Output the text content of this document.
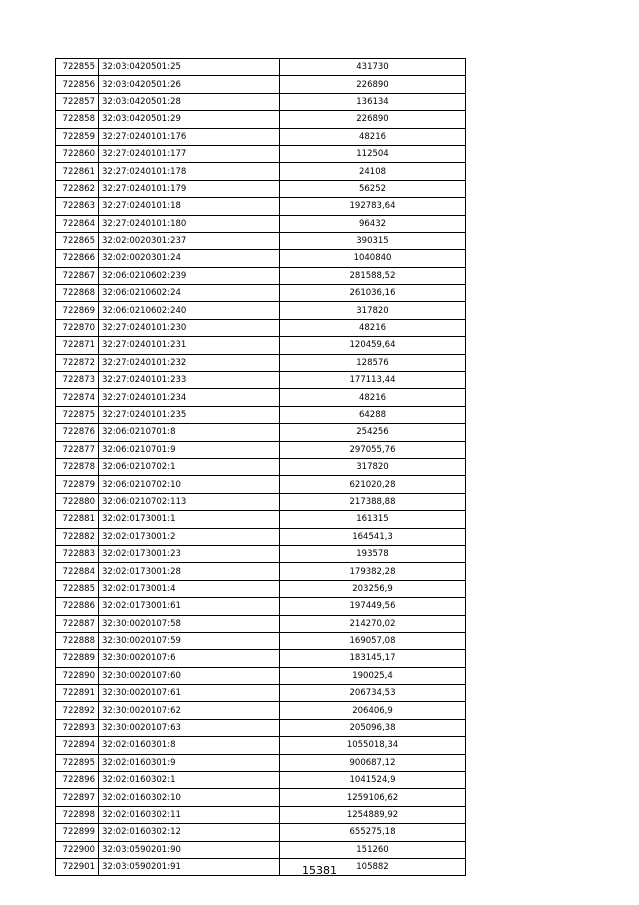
722855	32:03:0420501:25	431730
722856	32:03:0420501:26	226890
722857	32:03:0420501:28	136134
722858	32:03:0420501:29	226890
722859	32:27:0240101:176	48216
722860	32:27:0240101:177	112504
722861	32:27:0240101:178	24108
722862	32:27:0240101:179	56252
722863	32:27:0240101:18	192783,64
722864	32:27:0240101:180	96432
722865	32:02:0020301:237	390315
722866	32:02:0020301:24	1040840
722867	32:06:0210602:239	281588,52
722868	32:06:0210602:24	261036,16
722869	32:06:0210602:240	317820
722870	32:27:0240101:230	48216
722871	32:27:0240101:231	120459,64
722872	32:27:0240101:232	128576
722873	32:27:0240101:233	177113,44
722874	32:27:0240101:234	48216
722875	32:27:0240101:235	64288
722876	32:06:0210701:8	254256
722877	32:06:0210701:9	297055,76
722878	32:06:0210702:1	317820
722879	32:06:0210702:10	621020,28
722880	32:06:0210702:113	217388,88
722881	32:02:0173001:1	161315
722882	32:02:0173001:2	164541,3
722883	32:02:0173001:23	193578
722884	32:02:0173001:28	179382,28
722885	32:02:0173001:4	203256,9
722886	32:02:0173001:61	197449,56
722887	32:30:0020107:58	214270,02
722888	32:30:0020107:59	169057,08
722889	32:30:0020107:6	183145,17
722890	32:30:0020107:60	190025,4
722891	32:30:0020107:61	206734,53
722892	32:30:0020107:62	206406,9
722893	32:30:0020107:63	205096,38
722894	32:02:0160301:8	1055018,34
722895	32:02:0160301:9	900687,12
722896	32:02:0160302:1	1041524,9
722897	32:02:0160302:10	1259106,62
722898	32:02:0160302:11	1254889,92
722899	32:02:0160302:12	655275,18
722900	32:03:0590201:90	151260
722901	32:03:0590201:91	105882
15381
